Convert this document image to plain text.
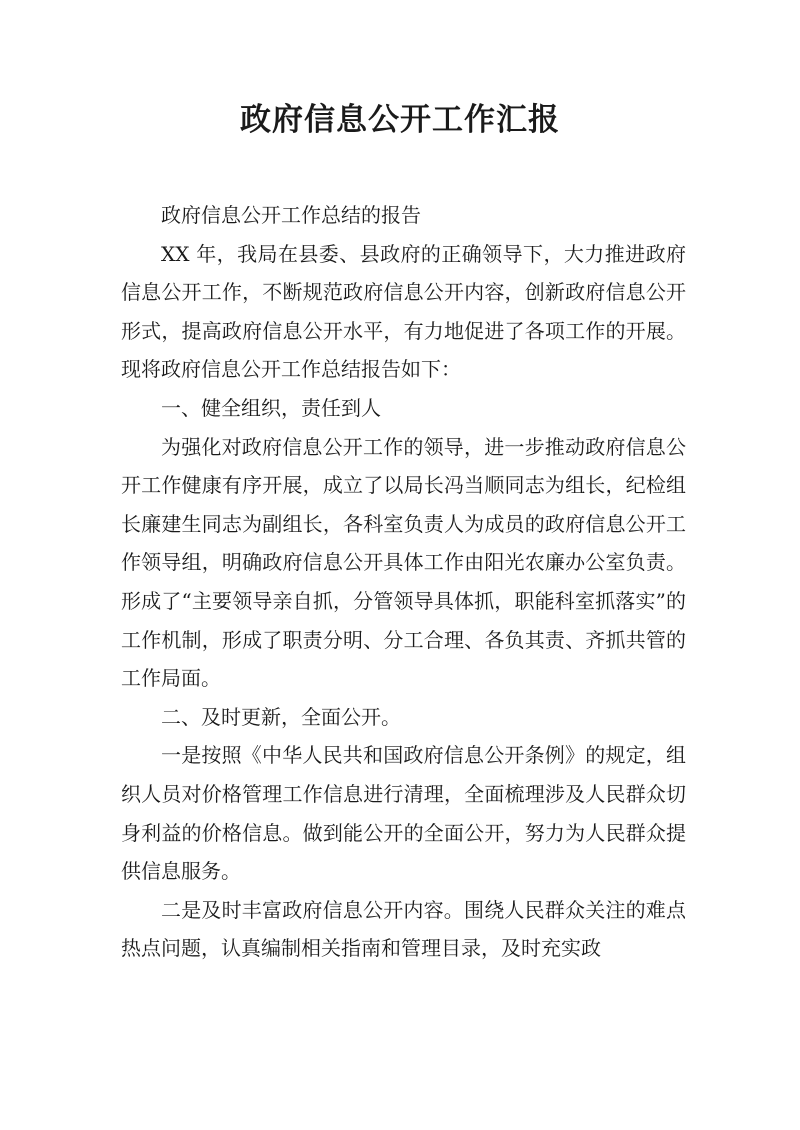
政府信息公开工作汇报

政府信息公开工作总结的报告

XX 年，我局在县委、县政府的正确领导下，大力推进政府信息公开工作，不断规范政府信息公开内容，创新政府信息公开形式，提高政府信息公开水平，有力地促进了各项工作的开展。现将政府信息公开工作总结报告如下：

一、健全组织，责任到人

为强化对政府信息公开工作的领导，进一步推动政府信息公开工作健康有序开展，成立了以局长冯当顺同志为组长，纪检组长廉建生同志为副组长，各科室负责人为成员的政府信息公开工作领导组，明确政府信息公开具体工作由阳光农廉办公室负责。形成了“主要领导亲自抓，分管领导具体抓，职能科室抓落实”的工作机制，形成了职责分明、分工合理、各负其责、齐抓共管的工作局面。

二、及时更新，全面公开。

一是按照《中华人民共和国政府信息公开条例》的规定，组织人员对价格管理工作信息进行清理，全面梳理涉及人民群众切身利益的价格信息。做到能公开的全面公开，努力为人民群众提供信息服务。

二是及时丰富政府信息公开内容。围绕人民群众关注的难点热点问题，认真编制相关指南和管理目录，及时充实政
